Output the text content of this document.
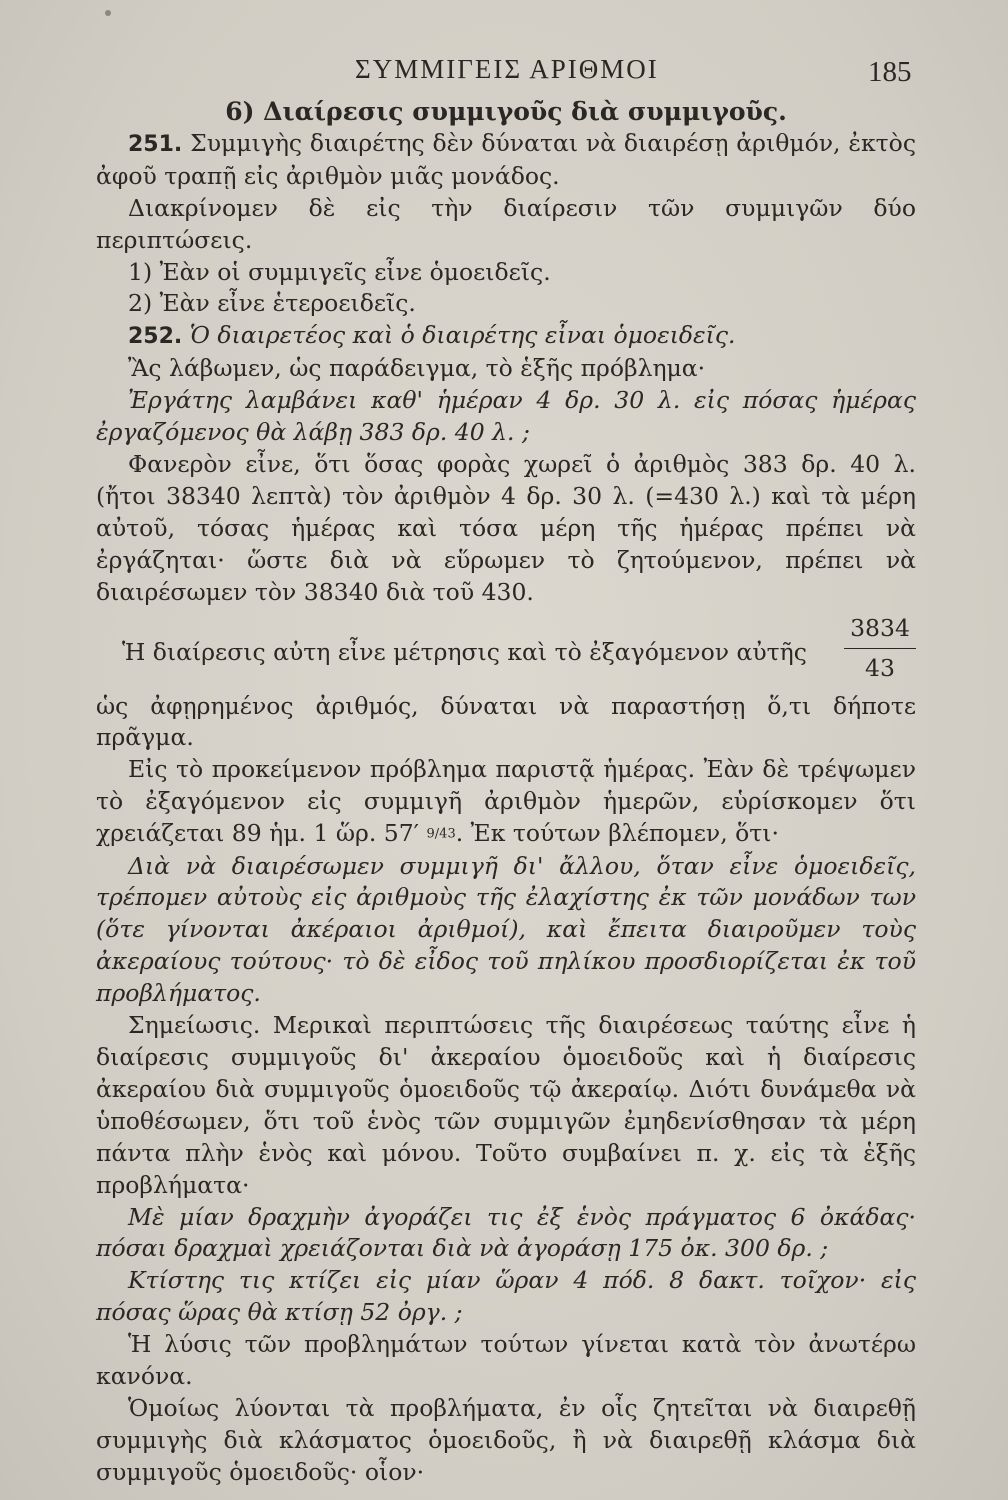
ΣΥΜΜΙΓΕΙΣ ΑΡΙΘΜΟΙ	185

6) Διαίρεσις συμμιγοῦς διὰ συμμιγοῦς.

251. Συμμιγὴς διαιρέτης δὲν δύναται νὰ διαιρέσῃ ἀριθμόν, ἐκτὸς ἀφοῦ τραπῇ εἰς ἀριθμὸν μιᾶς μονάδος.

Διακρίνομεν δὲ εἰς τὴν διαίρεσιν τῶν συμμιγῶν δύο περιπτώσεις.

1) Ἐὰν οἱ συμμιγεῖς εἶνε ὁμοειδεῖς.

2) Ἐὰν εἶνε ἑτεροειδεῖς.

252. Ὁ διαιρετέος καὶ ὁ διαιρέτης εἶναι ὁμοειδεῖς.

Ἂς λάβωμεν, ὡς παράδειγμα, τὸ ἑξῆς πρόβλημα·

Ἐργάτης λαμβάνει καθ' ἡμέραν 4 δρ. 30 λ. εἰς πόσας ἡμέρας ἐργαζόμενος θὰ λάβῃ 383 δρ. 40 λ. ;

Φανερὸν εἶνε, ὅτι ὅσας φορὰς χωρεῖ ὁ ἀριθμὸς 383 δρ. 40 λ. (ἤτοι 38340 λεπτὰ) τὸν ἀριθμὸν 4 δρ. 30 λ. (=430 λ.) καὶ τὰ μέρη αὐτοῦ, τόσας ἡμέρας καὶ τόσα μέρη τῆς ἡμέρας πρέπει νὰ ἐργάζηται· ὥστε διὰ νὰ εὕρωμεν τὸ ζητούμενον, πρέπει νὰ διαιρέσωμεν τὸν 38340 διὰ τοῦ 430.

Ἡ διαίρεσις αὐτη εἶνε μέτρησις καὶ τὸ ἐξαγόμενον αὐτῆς $\frac{3834}{43}$

ὡς ἀφῃρημένος ἀριθμός, δύναται νὰ παραστήσῃ ὅ,τι δήποτε πρᾶγμα.

Εἰς τὸ προκείμενον πρόβλημα παριστᾷ ἡμέρας. Ἐὰν δὲ τρέψωμεν τὸ ἐξαγόμενον εἰς συμμιγῆ ἀριθμὸν ἡμερῶν, εὑρίσκομεν ὅτι χρειάζεται 89 ἡμ. 1 ὥρ. 57′ 9/43. Ἐκ τούτων βλέπομεν, ὅτι·

Διὰ νὰ διαιρέσωμεν συμμιγῆ δι' ἄλλου, ὅταν εἶνε ὁμοειδεῖς, τρέπομεν αὐτοὺς εἰς ἀριθμοὺς τῆς ἐλαχίστης ἐκ τῶν μονάδων των (ὅτε γίνονται ἀκέραιοι ἀριθμοί), καὶ ἔπειτα διαιροῦμεν τοὺς ἀκεραίους τούτους· τὸ δὲ εἶδος τοῦ πηλίκου προσδιορίζεται ἐκ τοῦ προβλήματος.

Σημείωσις. Μερικαὶ περιπτώσεις τῆς διαιρέσεως ταύτης εἶνε ἡ διαίρεσις συμμιγοῦς δι' ἀκεραίου ὁμοειδοῦς καὶ ἡ διαίρεσις ἀκεραίου διὰ συμμιγοῦς ὁμοειδοῦς τῷ ἀκεραίῳ. Διότι δυνάμεθα νὰ ὑποθέσωμεν, ὅτι τοῦ ἑνὸς τῶν συμμιγῶν ἐμηδενίσθησαν τὰ μέρη πάντα πλὴν ἑνὸς καὶ μόνου. Τοῦτο συμβαίνει π. χ. εἰς τὰ ἑξῆς προβλήματα·

Μὲ μίαν δραχμὴν ἀγοράζει τις ἐξ ἑνὸς πράγματος 6 ὀκάδας· πόσαι δραχμαὶ χρειάζονται διὰ νὰ ἀγοράσῃ 175 ὀκ. 300 δρ. ;

Κτίστης τις κτίζει εἰς μίαν ὥραν 4 πόδ. 8 δακτ. τοῖχον· εἰς πόσας ὥρας θὰ κτίσῃ 52 ὀργ. ;

Ἡ λύσις τῶν προβλημάτων τούτων γίνεται κατὰ τὸν ἀνωτέρω κανόνα.

Ὁμοίως λύονται τὰ προβλήματα, ἐν οἷς ζητεῖται νὰ διαιρεθῇ συμμιγὴς διὰ κλάσματος ὁμοειδοῦς, ἢ νὰ διαιρεθῇ κλάσμα διὰ συμμιγοῦς ὁμοειδοῦς· οἷον·
